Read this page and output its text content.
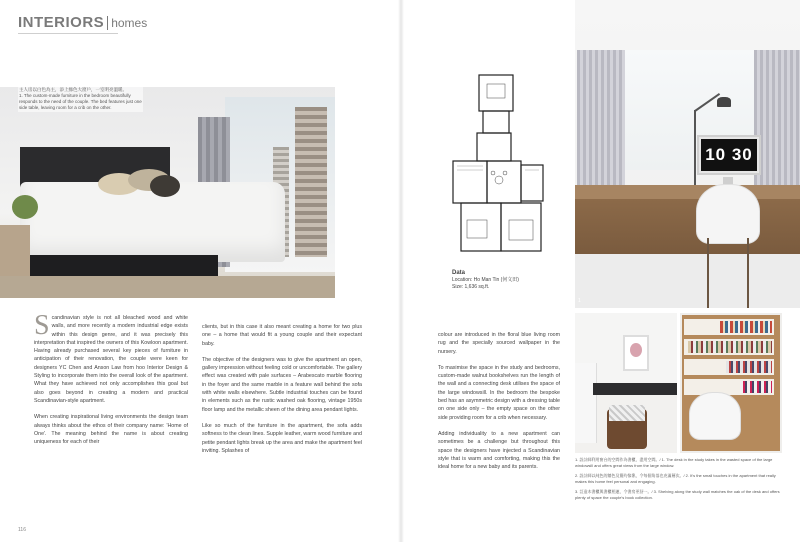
INTERIORS homes
主人房以白色為主，添上綠色大窗戶，一室明亮溫暖。
1. The custom-made furniture in the bedroom beautifully responds to the need of the couple. The bed features just one side table, leaving room for a crib on the other.
Data
Location: Ho Man Tin (何文田)
Size: 1,636 sq.ft.
10 30
1

Scandinavian style is not all bleached wood and white walls, and more recently a modern industrial edge exists within this design genre, and it was precisely this interpretation that inspired the owners of this Kowloon apartment. Having already purchased several key pieces of furniture in anticipation of their renovation, the couple were keen for designers YC Chen and Anson Law from hoo Interior Design & Styling to incorporate them into the overall look of the apartment. What they have achieved not only accomplishes this goal but also goes beyond in creating a modern and practical Scandinavian-style apartment.

When creating inspirational living environments the design team always thinks about the ethos of their company name: 'Home of One'. The meaning behind the name is about creating uniqueness for each of their

clients, but in this case it also meant creating a home for two plus one – a home that would fit a young couple and their expectant baby.

The objective of the designers was to give the apartment an open, gallery impression without feeling cold or uncomfortable. The gallery effect was created with pale surfaces – Arabescato marble flooring in the foyer and the same marble in a feature wall behind the sofa with white walls elsewhere. Subtle industrial touches can be found in elements such as the rustic washed oak flooring, vintage 1950s floor lamp and the metallic sheen of the dining area pendant lights.

Like so much of the furniture in the apartment, the sofa adds softness to the clean lines. Supple leather, warm wood furniture and petite pendant lights break up the area and make the apartment feel inviting. Splashes of

colour are introduced in the floral blue living room rug and the specially sourced wallpaper in the nursery.

To maximise the space in the study and bedrooms, custom-made walnut bookshelves run the length of the wall and a connecting desk utilises the space of the large windowsill. In the bedroom the bespoke bed has an asymmetric design with a dressing table on one side only – the empty space on the other side providing room for a crib when necessary.

Adding individuality to a new apartment can sometimes be a challenge but throughout this space the designers have injected a Scandinavian style that is warm and comforting, making this the ideal home for a new baby and its parents.

1. 設計師利用窗台的空間作為書櫃，盡用空間。/ 1. The desk in the study takes in the wasted space of the large windowsill and offers great views from the large window.
2. 設計師以純色的牆色及簡約傢俬，令每個角落也充滿層次。/ 2. It's the small touches in the apartment that really makes this home feel personal and engaging.
3. 訂造木書櫃與書櫃相連，令書房更舒一。/ 3. Shelving along the study wall matches the oak of the desk and offers plenty of space the couple's book collection.
116
